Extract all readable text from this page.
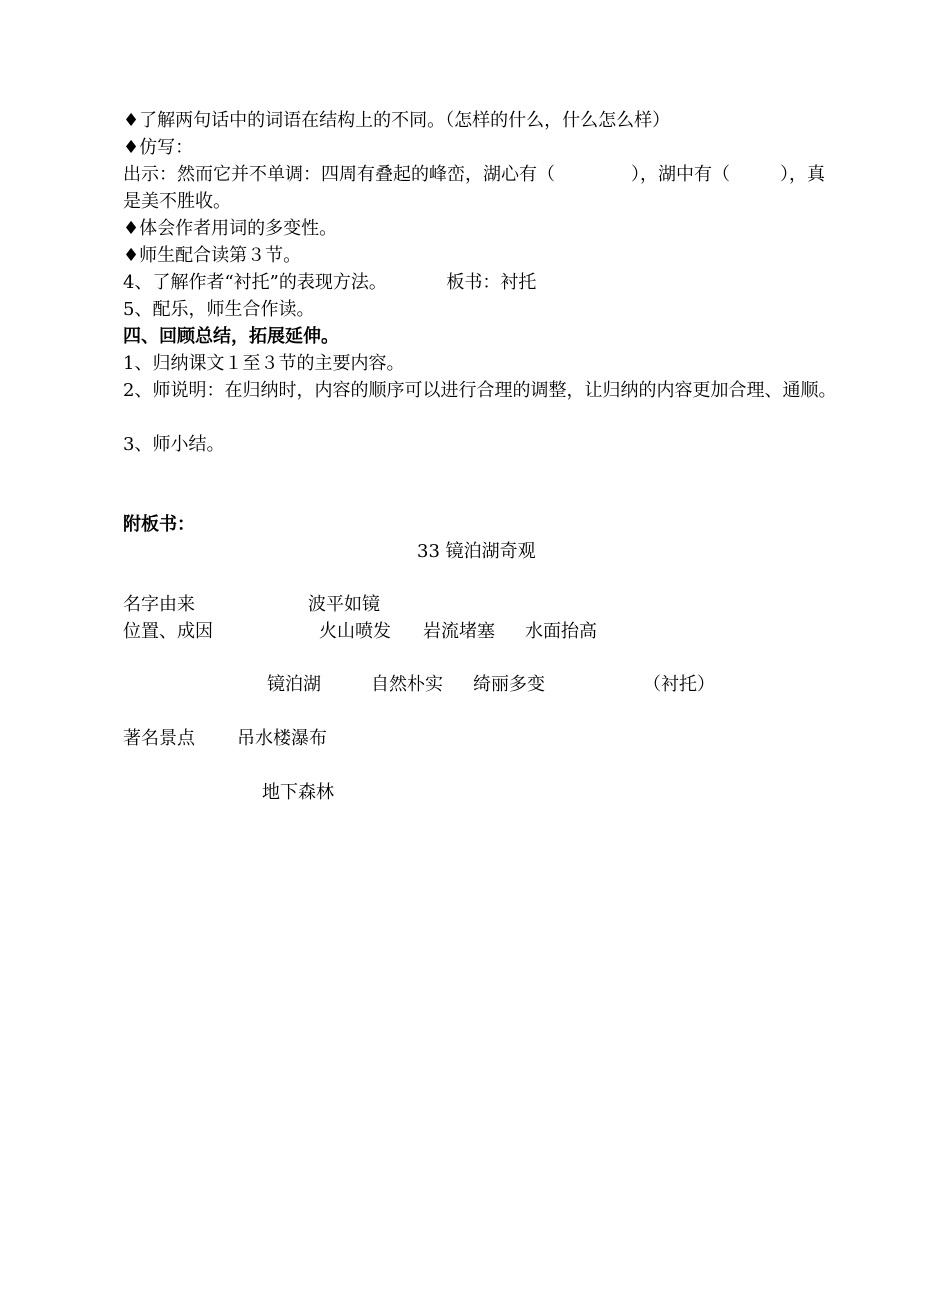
♦了解两句话中的词语在结构上的不同。（怎样的什么，什么怎么样）
♦仿写：
出示：然而它并不单调：四周有叠起的峰峦，湖心有（	），湖中有（	），真
是美不胜收。
♦体会作者用词的多变性。
♦师生配合读第３节。
4、了解作者“衬托”的表现方法。	板书：衬托
5、配乐，师生合作读。
四、回顾总结，拓展延伸。
1、归纳课文１至３节的主要内容。
2、师说明：在归纳时，内容的顺序可以进行合理的调整，让归纳的内容更加合理、通顺。
3、师小结。
附板书：
33 镜泊湖奇观
名字由来	波平如镜
位置、成因	火山喷发 岩流堵塞 水面抬高
镜泊湖	自然朴实 绮丽多变	（衬托）
著名景点 吊水楼瀑布
地下森林
